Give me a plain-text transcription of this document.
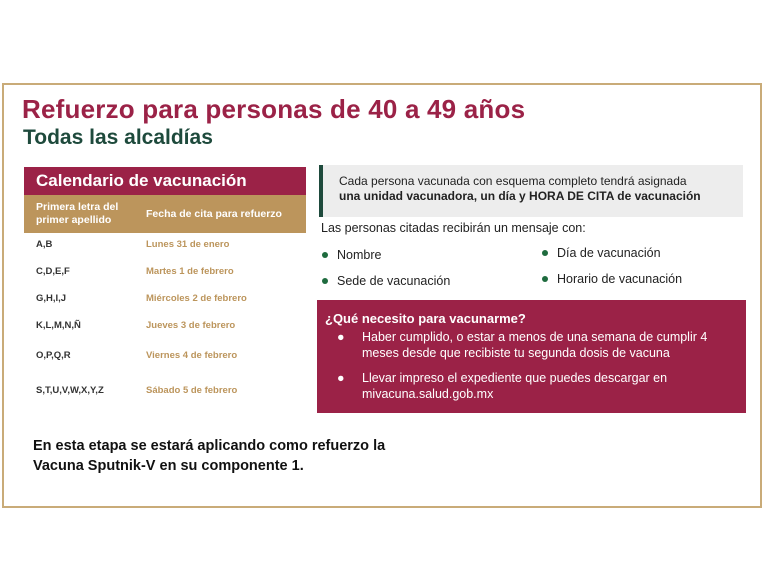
Refuerzo para personas de 40 a 49 años
Todas las alcaldías
Calendario de vacunación
Primera letra del primer apellido	Fecha de cita para refuerzo
A,B	Lunes 31 de enero
C,D,E,F	Martes 1 de febrero
G,H,I,J	Miércoles 2 de febrero
K,L,M,N,Ñ	Jueves 3 de febrero
O,P,Q,R	Viernes 4 de febrero
S,T,U,V,W,X,Y,Z	Sábado 5 de febrero
Cada persona vacunada con esquema completo tendrá asignada
una unidad vacunadora, un día y HORA DE CITA de vacunación
Las personas citadas recibirán un mensaje con:
Nombre
Sede de vacunación
Día de vacunación
Horario de vacunación
¿Qué necesito para vacunarme?
●	Haber cumplido, o estar a menos de una semana de cumplir 4 meses desde que recibiste tu segunda dosis de vacuna
●	Llevar impreso el expediente que puedes descargar en mivacuna.salud.gob.mx
En esta etapa se estará aplicando como refuerzo la Vacuna Sputnik-V en su componente 1.
